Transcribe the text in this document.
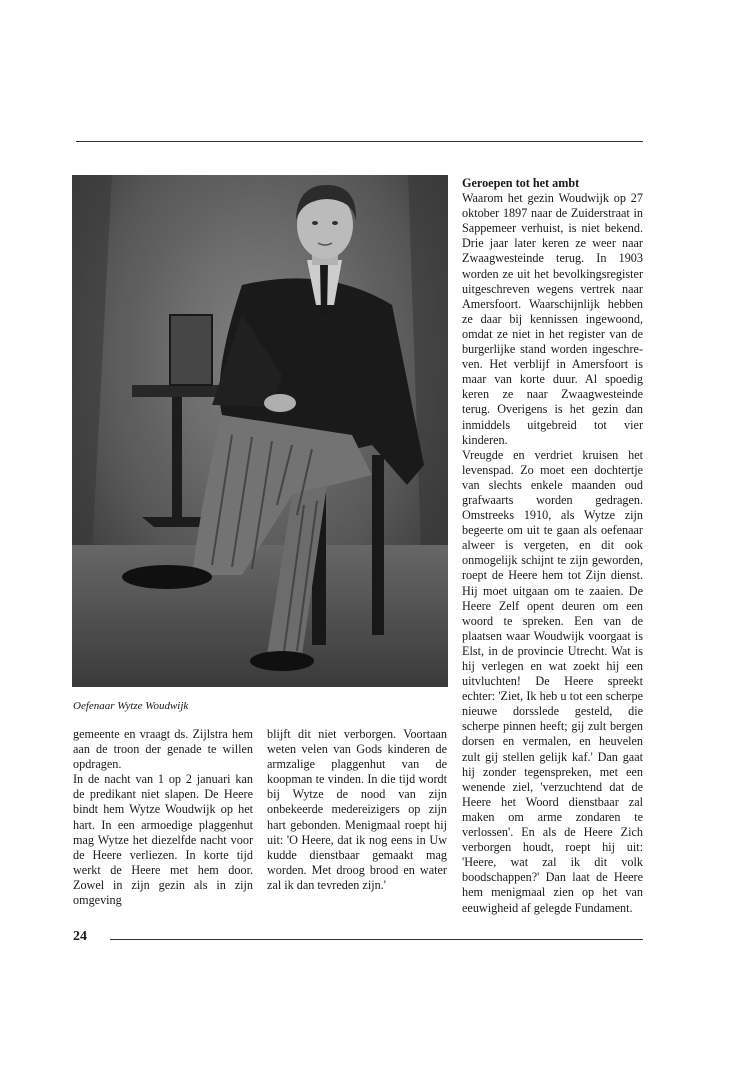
Oefenaar Wytze Woudwijk

gemeente en vraagt ds. Zijlstra hem aan de troon der genade te willen opdragen.

In de nacht van 1 op 2 januari kan de predikant niet slapen. De Heere bindt hem Wytze Woudwijk op het hart. In een armoedige plaggenhut mag Wytze het diezelfde nacht voor de Heere verliezen. In korte tijd werkt de Heere met hem door. Zowel in zijn gezin als in zijn omgeving

blijft dit niet verborgen. Voortaan weten velen van Gods kinderen de armzalige plaggenhut van de koopman te vinden. In die tijd wordt bij Wytze de nood van zijn onbekeerde medereizigers op zijn hart gebonden. Menigmaal roept hij uit: 'O Heere, dat ik nog eens in Uw kudde dienstbaar gemaakt mag worden. Met droog brood en water zal ik dan tevreden zijn.'

Geroepen tot het ambt

Waarom het gezin Woudwijk op 27 oktober 1897 naar de Zuiderstraat in Sappemeer verhuist, is niet bekend. Drie jaar later keren ze weer naar Zwaagwesteinde terug. In 1903 worden ze uit het bevolkingsregister uitgeschreven wegens vertrek naar Amersfoort. Waarschijnlijk hebben ze daar bij kennissen ingewoond, omdat ze niet in het register van de burgerlijke stand worden ingeschreven. Het verblijf in Amersfoort is maar van korte duur. Al spoedig keren ze naar Zwaagwesteinde terug. Overigens is het gezin dan inmiddels uitgebreid tot vier kinderen.

Vreugde en verdriet kruisen het levenspad. Zo moet een dochtertje van slechts enkele maanden oud grafwaarts worden gedragen. Omstreeks 1910, als Wytze zijn begeerte om uit te gaan als oefenaar alweer is vergeten, en dit ook onmogelijk schijnt te zijn geworden, roept de Heere hem tot Zijn dienst. Hij moet uitgaan om te zaaien. De Heere Zelf opent deuren om een woord te spreken. Een van de plaatsen waar Woudwijk voorgaat is Elst, in de provincie Utrecht. Wat is hij verlegen en wat zoekt hij een uitvluchten! De Heere spreekt echter: 'Ziet, Ik heb u tot een scherpe nieuwe dorsslede gesteld, die scherpe pinnen heeft; gij zult bergen dorsen en vermalen, en heuvelen zult gij stellen gelijk kaf.' Dan gaat hij zonder tegenspreken, met een wenende ziel, 'verzuchtend dat de Heere het Woord dienstbaar zal maken om arme zondaren te verlossen'. En als de Heere Zich verborgen houdt, roept hij uit: 'Heere, wat zal ik dit volk boodschappen?' Dan laat de Heere hem menigmaal zien op het van eeuwigheid af gelegde Fundament.

24
